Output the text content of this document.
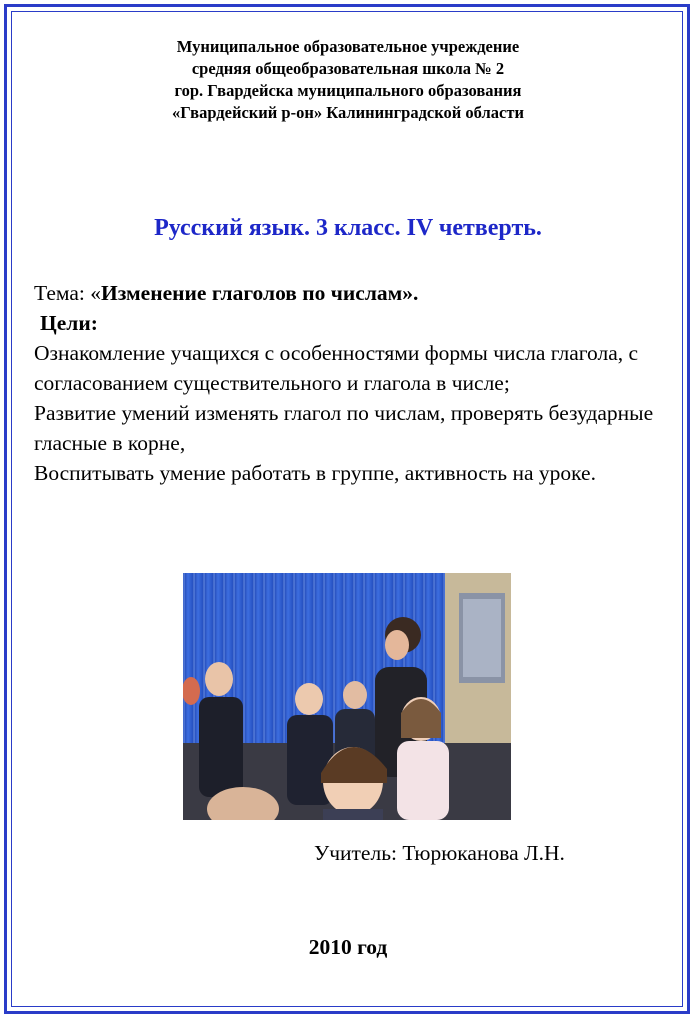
Муниципальное образовательное учреждение
средняя общеобразовательная школа № 2
гор. Гвардейска муниципального образования
«Гвардейский р-он» Калининградской области
Русский язык. 3 класс. IV четверть.

Тема: «Изменение глаголов по числам».

Цели:

Ознакомление учащихся с особенностями формы числа глагола, с согласованием существительного и глагола в числе;

Развитие умений изменять глагол по числам, проверять безударные гласные в корне,

Воспитывать умение работать в группе, активность на уроке.

Учитель: Тюрюканова Л.Н.
2010 год
